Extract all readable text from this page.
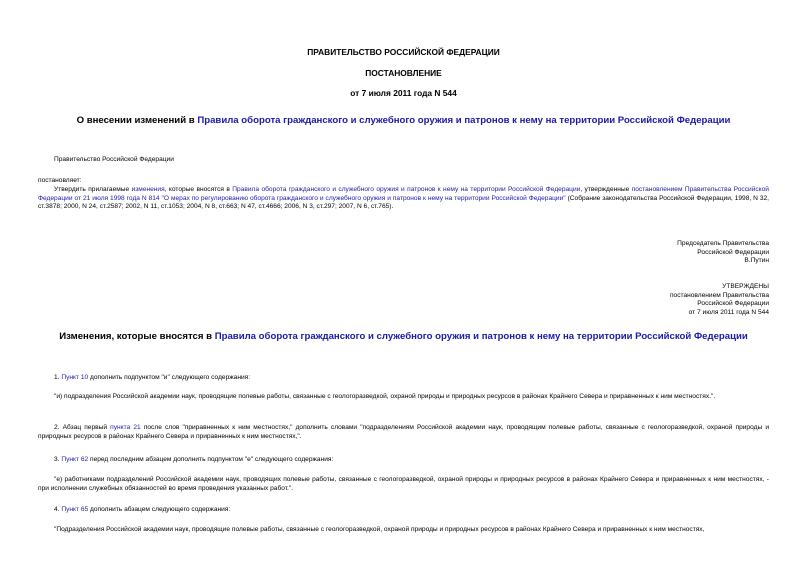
ПРАВИТЕЛЬСТВО РОССИЙСКОЙ ФЕДЕРАЦИИ
ПОСТАНОВЛЕНИЕ
от 7 июля 2011 года N 544
О внесении изменений в Правила оборота гражданского и служебного оружия и патронов к нему на территории Российской Федерации
Правительство Российской Федерации
постановляет:

Утвердить прилагаемые изменения, которые вносятся в Правила оборота гражданского и служебного оружия и патронов к нему на территории Российской Федерации, утвержденные постановлением Правительства Российской Федерации от 21 июля 1998 года N 814 "О мерах по регулированию оборота гражданского и служебного оружия и патронов к нему на территории Российской Федерации" (Собрание законодательства Российской Федерации, 1998, N 32, ст.3878; 2000, N 24, ст.2587; 2002, N 11, ст.1053; 2004, N 8, ст.663; N 47, ст.4666; 2006, N 3, ст.297; 2007, N 6, ст.765).

Председатель Правительства
Российской Федерации
В.Путин
УТВЕРЖДЕНЫ
постановлением Правительства
Российской Федерации
от 7 июля 2011 года N 544
Изменения, которые вносятся в Правила оборота гражданского и служебного оружия и патронов к нему на территории Российской Федерации

1. Пункт 10 дополнить подпунктом "и" следующего содержания:

"и) подразделения Российской академии наук, проводящие полевые работы, связанные с геологоразведкой, охраной природы и природных ресурсов в районах Крайнего Севера и приравненных к ним местностях.".

2. Абзац первый пункта 21 после слов "приравненных к ним местностях," дополнить словами "подразделениям Российской академии наук, проводящим полевые работы, связанные с геологоразведкой, охраной природы и природных ресурсов в районах Крайнего Севера и приравненных к ним местностях,".

3. Пункт 62 перед последним абзацем дополнить подпунктом "е" следующего содержания:

"е) работниками подразделений Российской академии наук, проводящих полевые работы, связанные с геологоразведкой, охраной природы и природных ресурсов в районах Крайнего Севера и приравненных к ним местностях, - при исполнении служебных обязанностей во время проведения указанных работ.".

4. Пункт 65 дополнить абзацем следующего содержания:

"Подразделения Российской академии наук, проводящие полевые работы, связанные с геологоразведкой, охраной природы и природных ресурсов в районах Крайнего Севера и приравненных к ним местностях,
